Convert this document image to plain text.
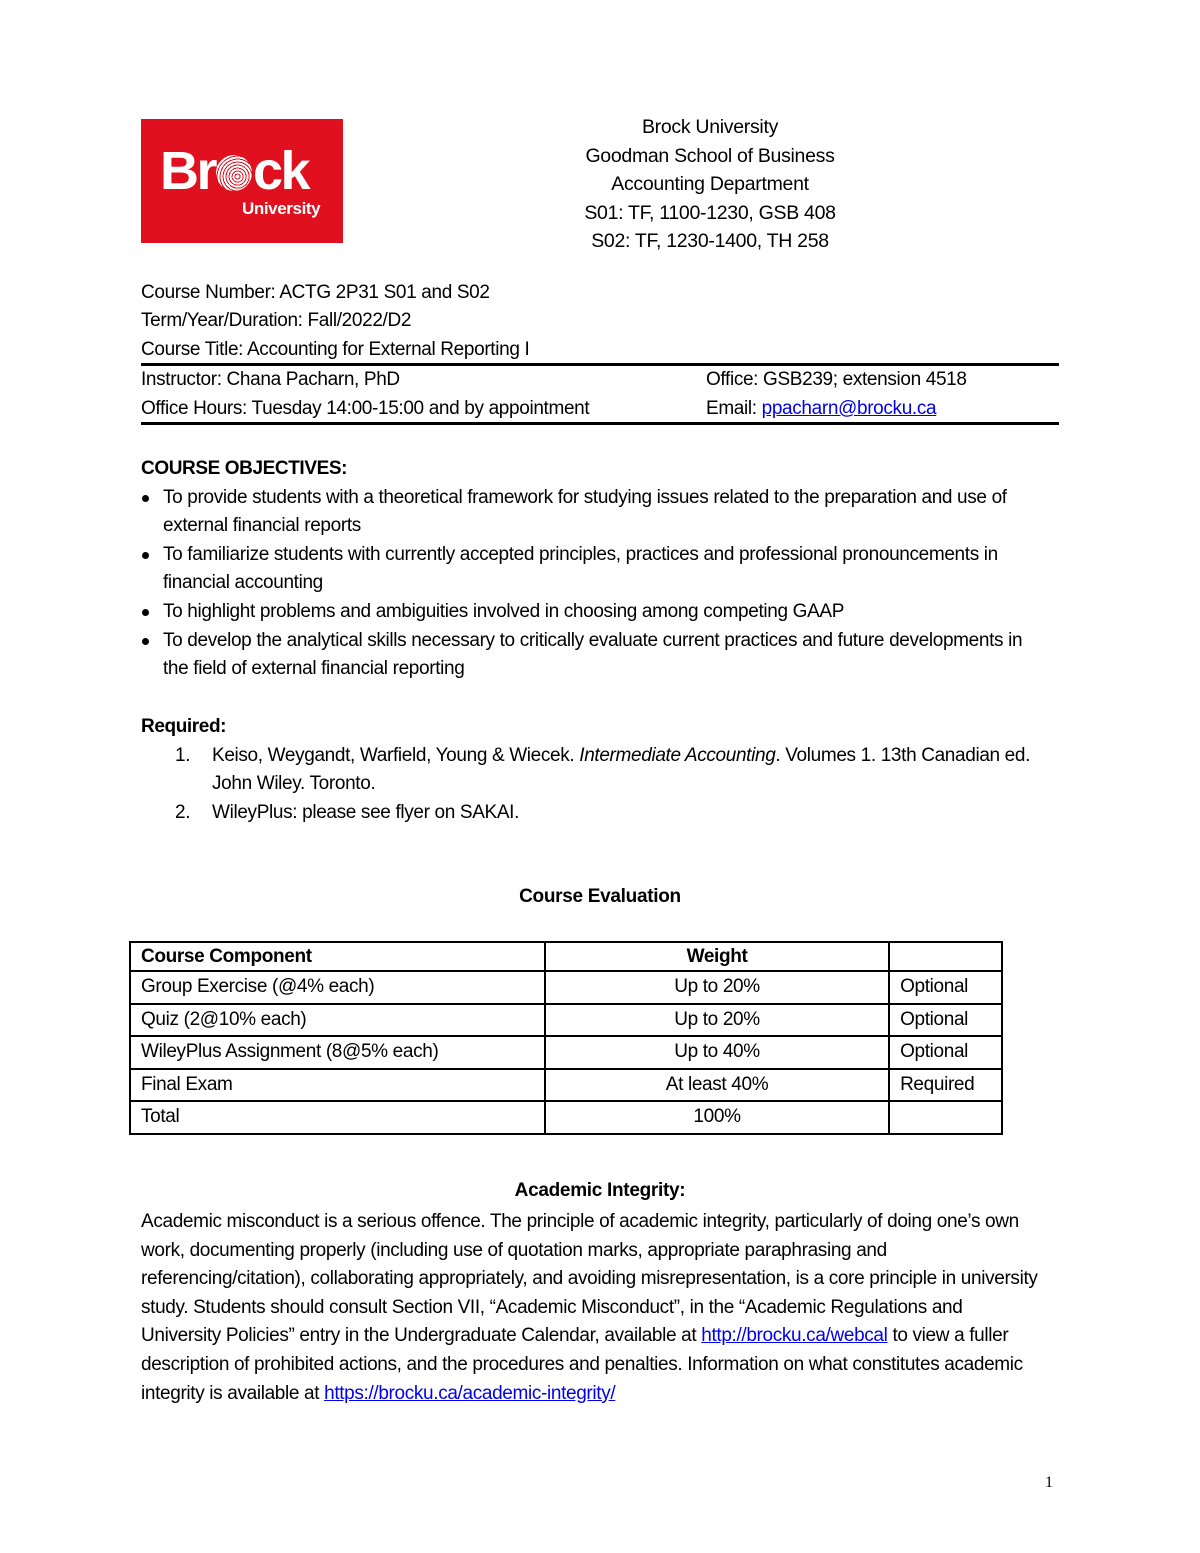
Br ck
University
Brock University
Goodman School of Business
Accounting Department
S01: TF, 1100-1230, GSB 408
S02: TF, 1230-1400, TH 258
Course Number: ACTG 2P31 S01 and S02
Term/Year/Duration: Fall/2022/D2
Course Title: Accounting for External Reporting I
Instructor: Chana Pacharn, PhD	Office: GSB239; extension 4518
Office Hours: Tuesday 14:00-15:00 and by appointment	Email: ppacharn@brocku.ca
COURSE OBJECTIVES:
To provide students with a theoretical framework for studying issues related to the preparation and use of external financial reports
To familiarize students with currently accepted principles, practices and professional pronouncements in financial accounting
To highlight problems and ambiguities involved in choosing among competing GAAP
To develop the analytical skills necessary to critically evaluate current practices and future developments in the field of external financial reporting
Required:
1. Keiso, Weygandt, Warfield, Young & Wiecek. Intermediate Accounting. Volumes 1. 13th Canadian ed. John Wiley. Toronto.
2. WileyPlus: please see flyer on SAKAI.
Course Evaluation
Course Component	Weight	
Group Exercise (@4% each)	Up to 20%	Optional
Quiz (2@10% each)	Up to 20%	Optional
WileyPlus Assignment (8@5% each)	Up to 40%	Optional
Final Exam	At least 40%	Required
Total	100%	
Academic Integrity:
Academic misconduct is a serious offence. The principle of academic integrity, particularly of doing one’s own work, documenting properly (including use of quotation marks, appropriate paraphrasing and referencing/citation), collaborating appropriately, and avoiding misrepresentation, is a core principle in university study. Students should consult Section VII, “Academic Misconduct”, in the “Academic Regulations and University Policies” entry in the Undergraduate Calendar, available at http://brocku.ca/webcal to view a fuller description of prohibited actions, and the procedures and penalties. Information on what constitutes academic integrity is available at https://brocku.ca/academic-integrity/
1
